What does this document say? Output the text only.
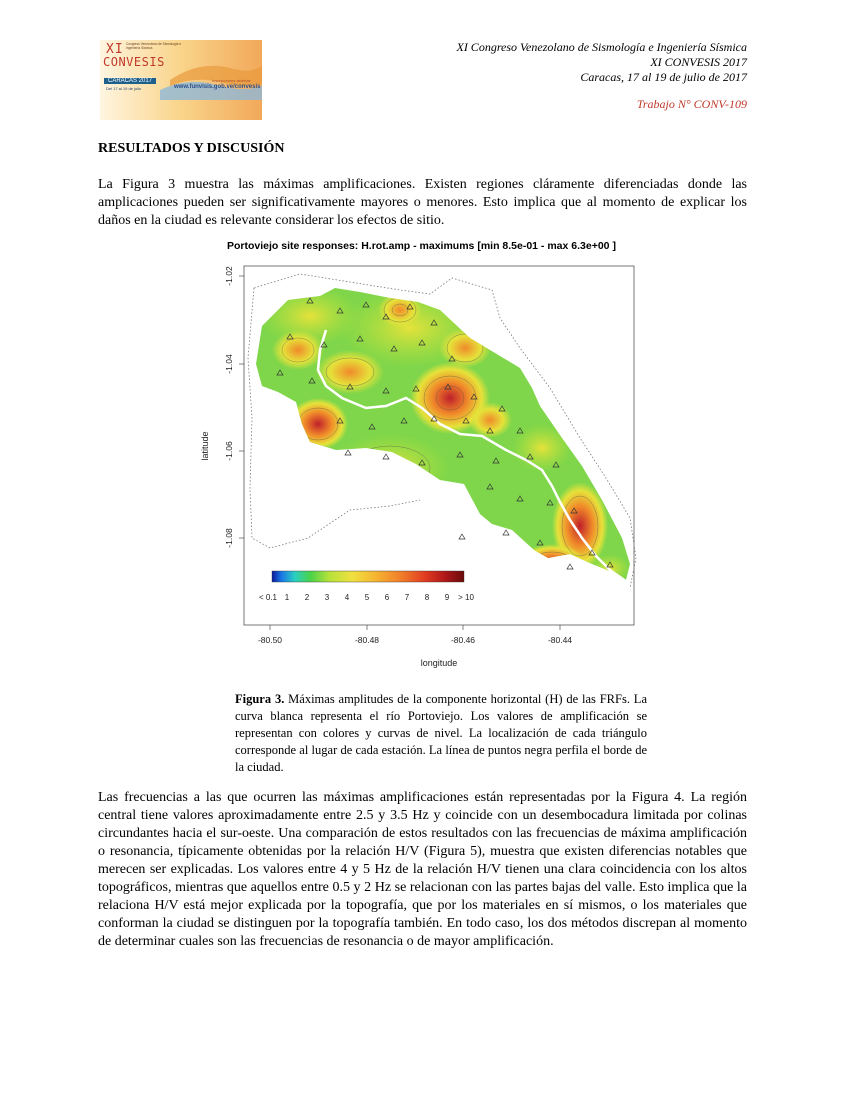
XI
CONVESIS
Congreso Venezolano de Sismología e Ingeniería Sísmica
CARACAS 2017
Del 17 al 19 de julio
Inscripciones abiertas
www.funvisis.gob.ve/convesis
XI Congreso Venezolano de Sismología e Ingeniería Sísmica
XI CONVESIS 2017
Caracas, 17 al 19 de julio de 2017
Trabajo N° CONV-109
RESULTADOS Y DISCUSIÓN

La Figura 3 muestra las máximas amplificaciones. Existen regiones cláramente diferenciadas donde las amplicaciones pueden ser significativamente mayores o menores. Esto implica que al momento de explicar los daños en la ciudad es relevante considerar los efectos de sitio.

Portoviejo site responses: H.rot.amp - maximums [min 8.5e-01 - max 6.3e+00 ]
< 0.1 1 2 3 4 5 6 7 8 9 > 10
-80.50	-80.48	-80.46	-80.44
-1.02
-1.04
-1.06
-1.08
longitude
latitude

Figura 3. Máximas amplitudes de la componente horizontal (H) de las FRFs. La curva blanca representa el río Portoviejo. Los valores de amplificación se representan con colores y curvas de nivel. La localización de cada triángulo corresponde al lugar de cada estación. La línea de puntos negra perfila el borde de la ciudad.

Las frecuencias a las que ocurren las máximas amplificaciones están representadas por la Figura 4. La región central tiene valores aproximadamente entre 2.5 y 3.5 Hz y coincide con un desembocadura limitada por colinas circundantes hacia el sur-oeste. Una comparación de estos resultados con las frecuencias de máxima amplificación o resonancia, típicamente obtenidas por la relación H/V (Figura 5), muestra que existen diferencias notables que merecen ser explicadas. Los valores entre 4 y 5 Hz de la relación H/V tienen una clara coincidencia con los altos topográficos, mientras que aquellos entre 0.5 y 2 Hz se relacionan con las partes bajas del valle. Esto implica que la relaciona H/V está mejor explicada por la topografía, que por los materiales en sí mismos, o los materiales que conforman la ciudad se distinguen por la topografía también. En todo caso, los dos métodos discrepan al momento de determinar cuales son las frecuencias de resonancia o de mayor amplificación.
